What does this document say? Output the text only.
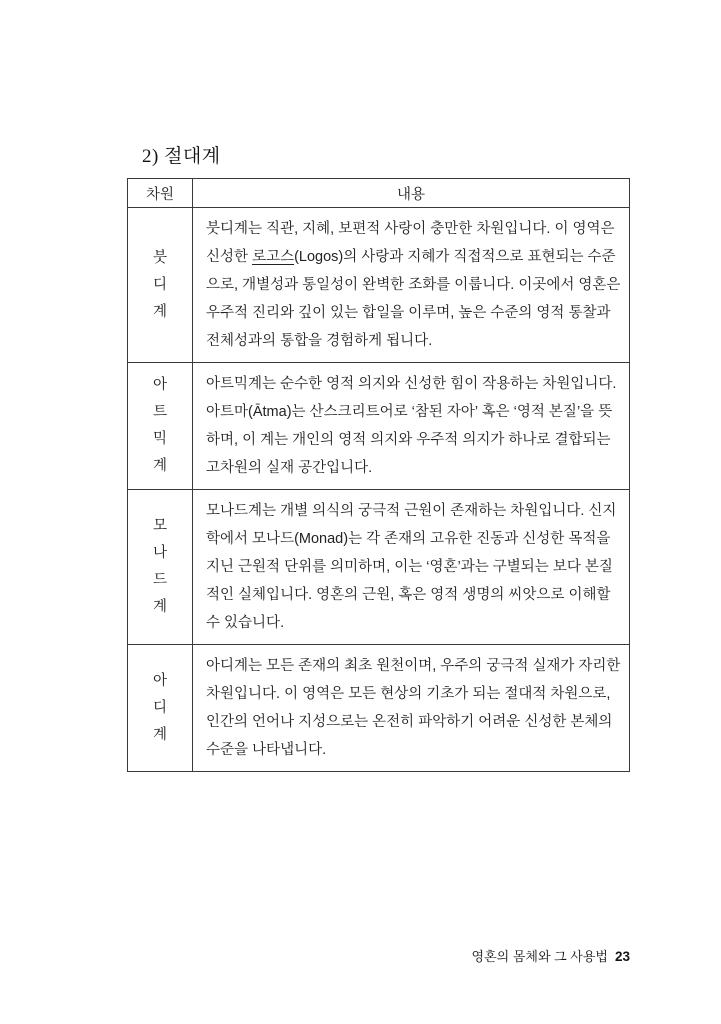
2) 절대계
차원	내용

붓디계	붓디계는 직관, 지혜, 보편적 사랑이 충만한 차원입니다. 이 영역은 신성한 로고스(Logos)의 사랑과 지혜가 직접적으로 표현되는 수준으로, 개별성과 통일성이 완벽한 조화를 이룹니다. 이곳에서 영혼은 우주적 진리와 깊이 있는 합일을 이루며, 높은 수준의 영적 통찰과 전체성과의 통합을 경험하게 됩니다.

아트믹계	아트믹계는 순수한 영적 의지와 신성한 힘이 작용하는 차원입니다. 아트마(Ātma)는 산스크리트어로 ‘참된 자아’ 혹은 ‘영적 본질’을 뜻하며, 이 계는 개인의 영적 의지와 우주적 의지가 하나로 결합되는 고차원의 실재 공간입니다.

모나드계	모나드계는 개별 의식의 궁극적 근원이 존재하는 차원입니다. 신지학에서 모나드(Monad)는 각 존재의 고유한 진동과 신성한 목적을 지닌 근원적 단위를 의미하며, 이는 ‘영혼’과는 구별되는 보다 본질적인 실체입니다. 영혼의 근원, 혹은 영적 생명의 씨앗으로 이해할 수 있습니다.

아디계	아디계는 모든 존재의 최초 원천이며, 우주의 궁극적 실재가 자리한 차원입니다. 이 영역은 모든 현상의 기초가 되는 절대적 차원으로, 인간의 언어나 지성으로는 온전히 파악하기 어려운 신성한 본체의 수준을 나타냅니다.
영혼의 몸체와 그 사용법 23
